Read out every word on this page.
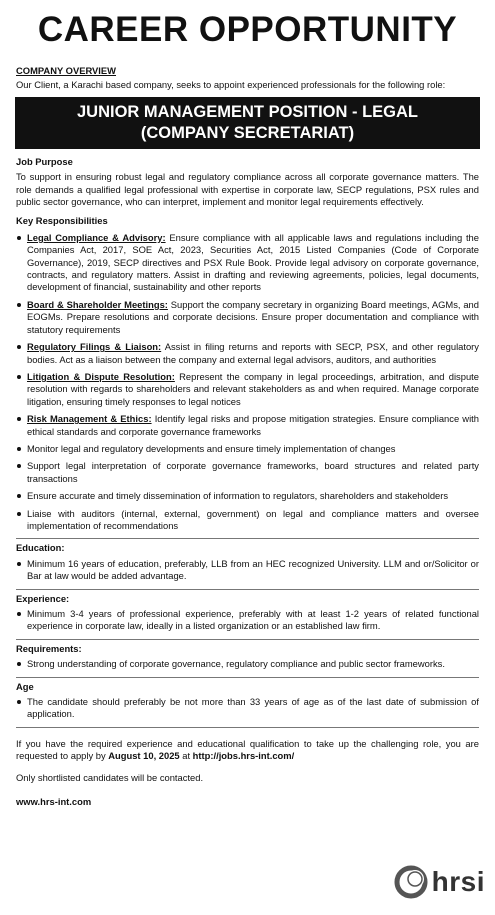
CAREER OPPORTUNITY

COMPANY OVERVIEW

Our Client, a Karachi based company, seeks to appoint experienced professionals for the following role:

JUNIOR MANAGEMENT POSITION - LEGAL
(COMPANY SECRETARIAT)

Job Purpose

To support in ensuring robust legal and regulatory compliance across all corporate governance matters. The role demands a qualified legal professional with expertise in corporate law, SECP regulations, PSX rules and public sector governance, who can interpret, implement and monitor legal requirements effectively.

Key Responsibilities

Legal Compliance & Advisory: Ensure compliance with all applicable laws and regulations including the Companies Act, 2017, SOE Act, 2023, Securities Act, 2015 Listed Companies (Code of Corporate Governance), 2019, SECP directives and PSX Rule Book. Provide legal advisory on corporate governance, contracts, and regulatory matters. Assist in drafting and reviewing agreements, policies, legal documents, development of financial, sustainability and other reports
Board & Shareholder Meetings: Support the company secretary in organizing Board meetings, AGMs, and EOGMs. Prepare resolutions and corporate decisions. Ensure proper documentation and compliance with statutory requirements
Regulatory Filings & Liaison: Assist in filing returns and reports with SECP, PSX, and other regulatory bodies. Act as a liaison between the company and external legal advisors, auditors, and authorities
Litigation & Dispute Resolution: Represent the company in legal proceedings, arbitration, and dispute resolution with regards to shareholders and relevant stakeholders as and when required. Manage corporate litigation, ensuring timely responses to legal notices
Risk Management & Ethics: Identify legal risks and propose mitigation strategies. Ensure compliance with ethical standards and corporate governance frameworks
Monitor legal and regulatory developments and ensure timely implementation of changes
Support legal interpretation of corporate governance frameworks, board structures and related party transactions
Ensure accurate and timely dissemination of information to regulators, shareholders and stakeholders
Liaise with auditors (internal, external, government) on legal and compliance matters and oversee implementation of recommendations

Education:

Minimum 16 years of education, preferably, LLB from an HEC recognized University. LLM and or/Solicitor or Bar at law would be added advantage.

Experience:

Minimum 3-4 years of professional experience, preferably with at least 1-2 years of related functional experience in corporate law, ideally in a listed organization or an established law firm.

Requirements:

Strong understanding of corporate governance, regulatory compliance and public sector frameworks.

Age

The candidate should preferably be not more than 33 years of age as of the last date of submission of application.

If you have the required experience and educational qualification to take up the challenging role, you are requested to apply by August 10, 2025 at http://jobs.hrs-int.com/

Only shortlisted candidates will be contacted.

www.hrs-int.com

hrsi
